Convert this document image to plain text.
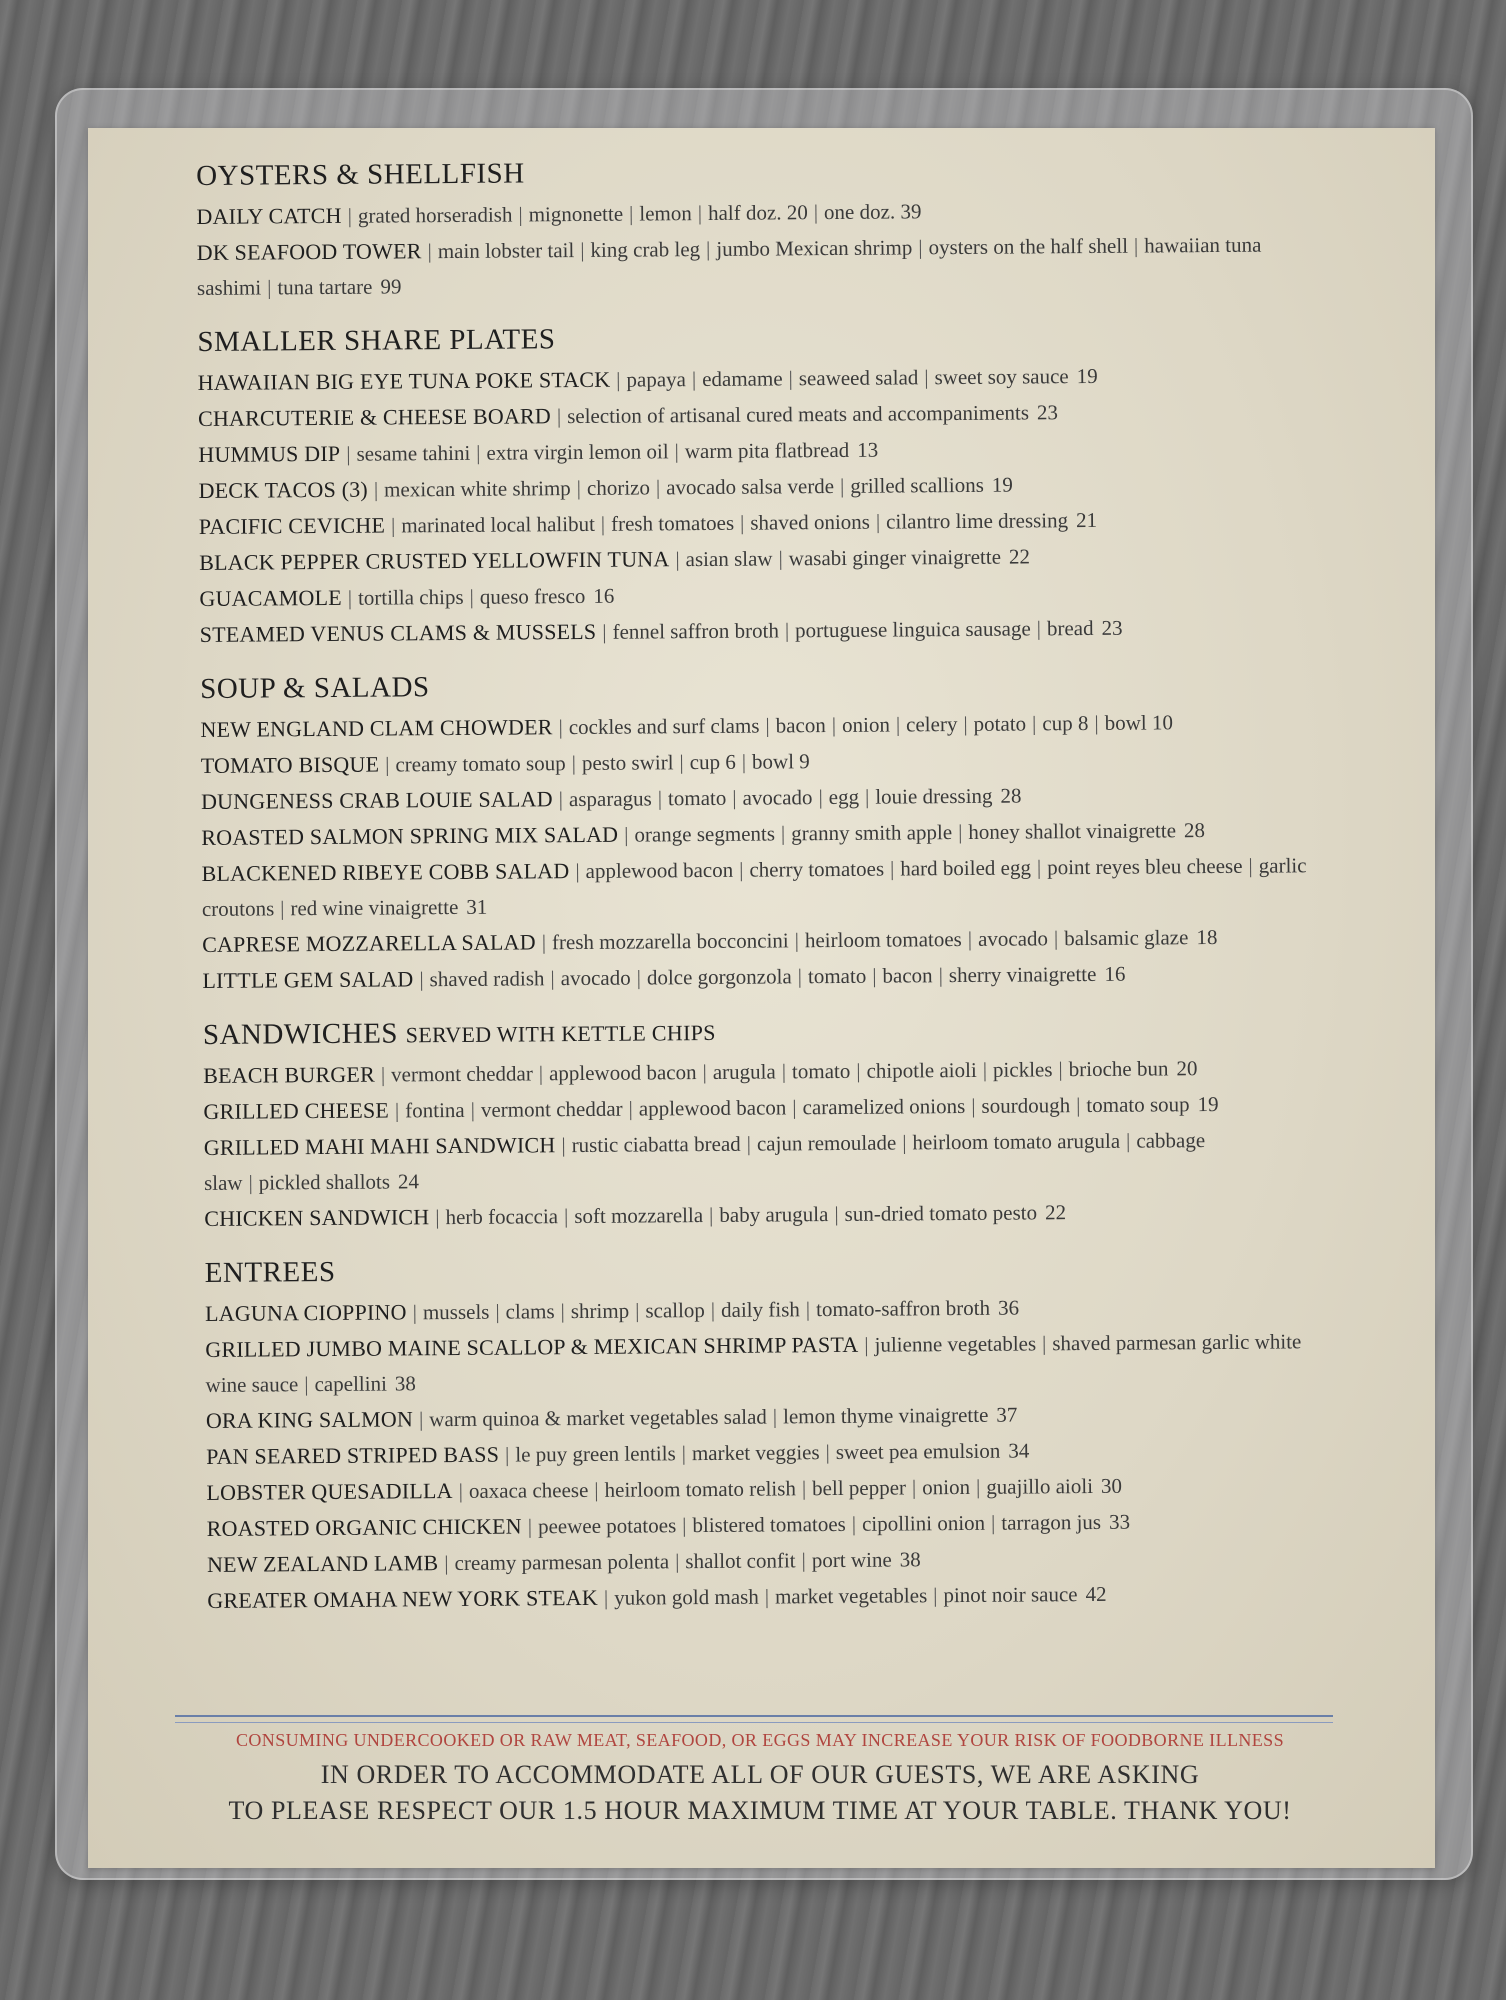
OYSTERS & SHELLFISH
DAILY CATCH | grated horseradish | mignonette | lemon | half doz. 20 | one doz. 39
DK SEAFOOD TOWER | main lobster tail | king crab leg | jumbo Mexican shrimp | oysters on the half shell | hawaiian tuna sashimi | tuna tartare 99
SMALLER SHARE PLATES
HAWAIIAN BIG EYE TUNA POKE STACK | papaya | edamame | seaweed salad | sweet soy sauce 19
CHARCUTERIE & CHEESE BOARD | selection of artisanal cured meats and accompaniments 23
HUMMUS DIP | sesame tahini | extra virgin lemon oil | warm pita flatbread 13
DECK TACOS (3) | mexican white shrimp | chorizo | avocado salsa verde | grilled scallions 19
PACIFIC CEVICHE | marinated local halibut | fresh tomatoes | shaved onions | cilantro lime dressing 21
BLACK PEPPER CRUSTED YELLOWFIN TUNA | asian slaw | wasabi ginger vinaigrette 22
GUACAMOLE | tortilla chips | queso fresco 16
STEAMED VENUS CLAMS & MUSSELS | fennel saffron broth | portuguese linguica sausage | bread 23
SOUP & SALADS
NEW ENGLAND CLAM CHOWDER | cockles and surf clams | bacon | onion | celery | potato | cup 8 | bowl 10
TOMATO BISQUE | creamy tomato soup | pesto swirl | cup 6 | bowl 9
DUNGENESS CRAB LOUIE SALAD | asparagus | tomato | avocado | egg | louie dressing 28
ROASTED SALMON SPRING MIX SALAD | orange segments | granny smith apple | honey shallot vinaigrette 28
BLACKENED RIBEYE COBB SALAD | applewood bacon | cherry tomatoes | hard boiled egg | point reyes bleu cheese | garlic croutons | red wine vinaigrette 31
CAPRESE MOZZARELLA SALAD | fresh mozzarella bocconcini | heirloom tomatoes | avocado | balsamic glaze 18
LITTLE GEM SALAD | shaved radish | avocado | dolce gorgonzola | tomato | bacon | sherry vinaigrette 16
SANDWICHES SERVED WITH KETTLE CHIPS
BEACH BURGER | vermont cheddar | applewood bacon | arugula | tomato | chipotle aioli | pickles | brioche bun 20
GRILLED CHEESE | fontina | vermont cheddar | applewood bacon | caramelized onions | sourdough | tomato soup 19
GRILLED MAHI MAHI SANDWICH | rustic ciabatta bread | cajun remoulade | heirloom tomato arugula | cabbage slaw | pickled shallots 24
CHICKEN SANDWICH | herb focaccia | soft mozzarella | baby arugula | sun-dried tomato pesto 22
ENTREES
LAGUNA CIOPPINO | mussels | clams | shrimp | scallop | daily fish | tomato-saffron broth 36
GRILLED JUMBO MAINE SCALLOP & MEXICAN SHRIMP PASTA | julienne vegetables | shaved parmesan garlic white wine sauce | capellini 38
ORA KING SALMON | warm quinoa & market vegetables salad | lemon thyme vinaigrette 37
PAN SEARED STRIPED BASS | le puy green lentils | market veggies | sweet pea emulsion 34
LOBSTER QUESADILLA | oaxaca cheese | heirloom tomato relish | bell pepper | onion | guajillo aioli 30
ROASTED ORGANIC CHICKEN | peewee potatoes | blistered tomatoes | cipollini onion | tarragon jus 33
NEW ZEALAND LAMB | creamy parmesan polenta | shallot confit | port wine 38
GREATER OMAHA NEW YORK STEAK | yukon gold mash | market vegetables | pinot noir sauce 42
CONSUMING UNDERCOOKED OR RAW MEAT, SEAFOOD, OR EGGS MAY INCREASE YOUR RISK OF FOODBORNE ILLNESS
IN ORDER TO ACCOMMODATE ALL OF OUR GUESTS, WE ARE ASKING
TO PLEASE RESPECT OUR 1.5 HOUR MAXIMUM TIME AT YOUR TABLE. THANK YOU!
